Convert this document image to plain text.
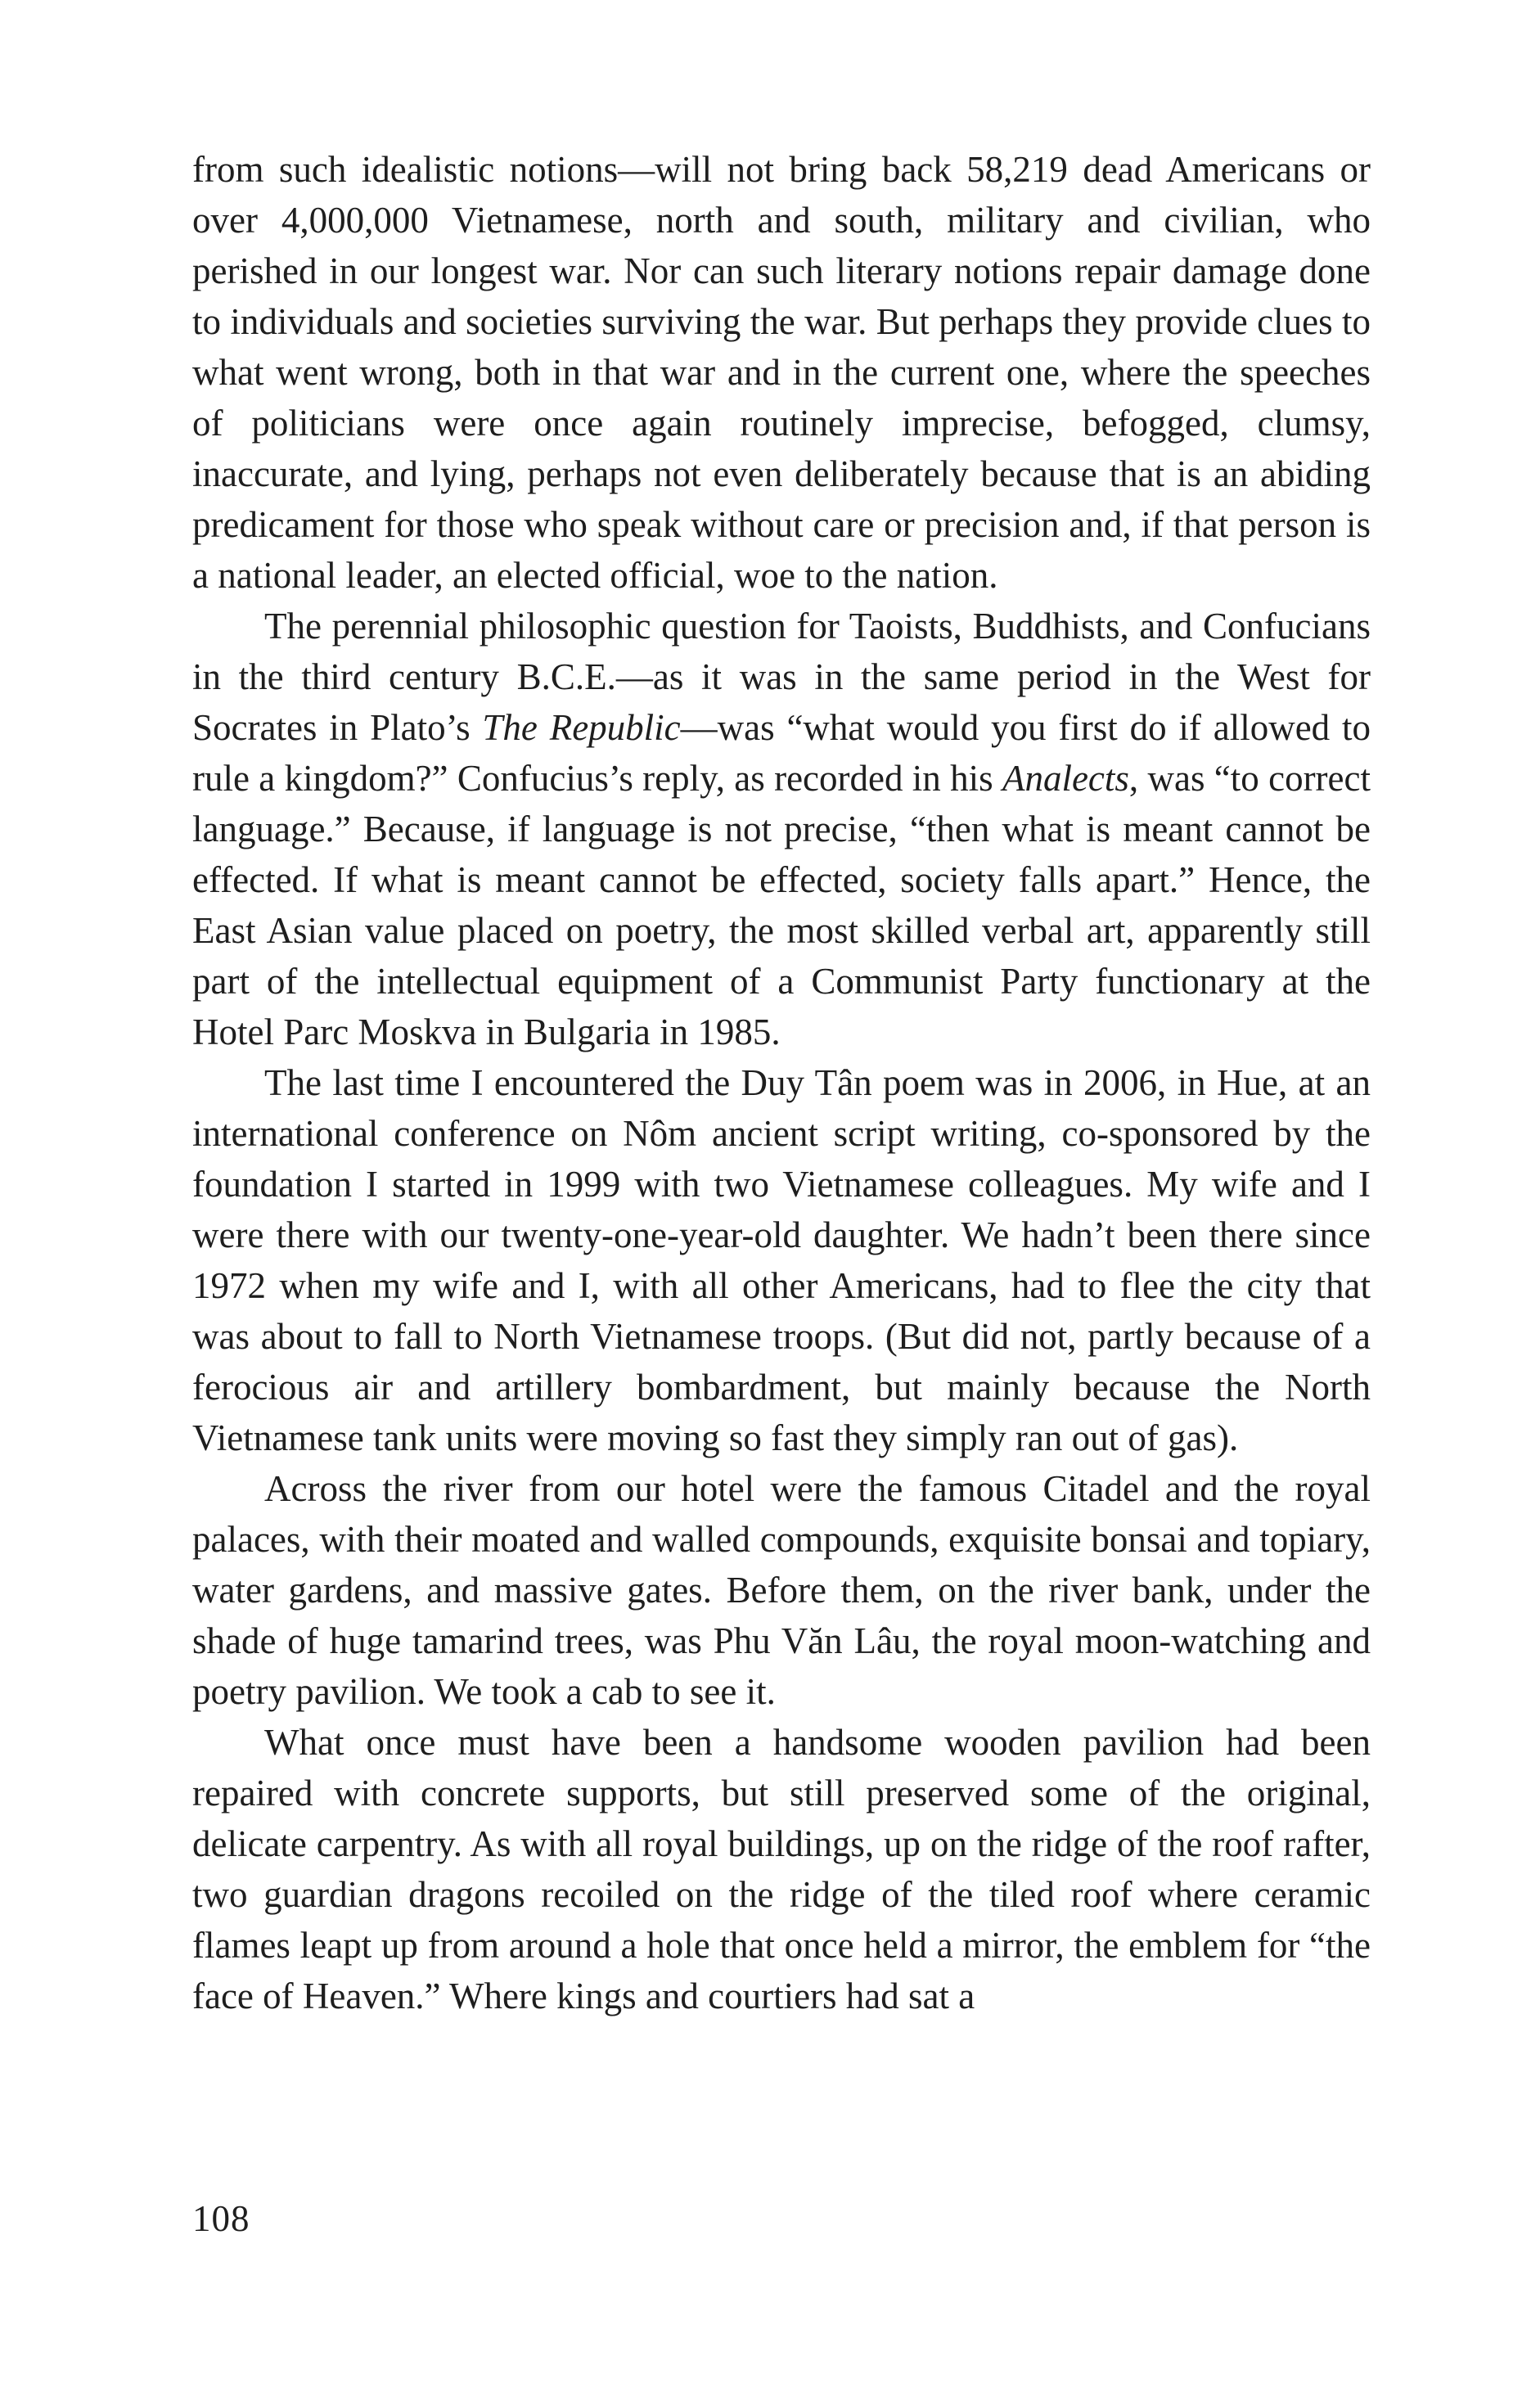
from such idealistic notions—will not bring back 58,219 dead Americans or over 4,000,000 Vietnamese, north and south, military and civilian, who perished in our longest war. Nor can such literary notions repair damage done to individuals and societies surviving the war. But perhaps they provide clues to what went wrong, both in that war and in the current one, where the speeches of politicians were once again routinely imprecise, befogged, clumsy, inaccurate, and lying, perhaps not even deliberately because that is an abiding predicament for those who speak without care or precision and, if that person is a national leader, an elected official, woe to the nation.

The perennial philosophic question for Taoists, Buddhists, and Confucians in the third century B.C.E.—as it was in the same period in the West for Socrates in Plato’s The Republic—was “what would you first do if allowed to rule a kingdom?” Confucius’s reply, as recorded in his Analects, was “to correct language.” Because, if language is not precise, “then what is meant cannot be effected. If what is meant cannot be effected, society falls apart.” Hence, the East Asian value placed on poetry, the most skilled verbal art, apparently still part of the intellectual equipment of a Communist Party functionary at the Hotel Parc Moskva in Bulgaria in 1985.

The last time I encountered the Duy Tân poem was in 2006, in Hue, at an international conference on Nôm ancient script writing, co-sponsored by the foundation I started in 1999 with two Vietnamese colleagues. My wife and I were there with our twenty-one-year-old daughter. We hadn’t been there since 1972 when my wife and I, with all other Americans, had to flee the city that was about to fall to North Vietnamese troops. (But did not, partly because of a ferocious air and artillery bombardment, but mainly because the North Vietnamese tank units were moving so fast they simply ran out of gas).

Across the river from our hotel were the famous Citadel and the royal palaces, with their moated and walled compounds, exquisite bonsai and topiary, water gardens, and massive gates. Before them, on the river bank, under the shade of huge tamarind trees, was Phu Văn Lâu, the royal moon-watching and poetry pavilion. We took a cab to see it.

What once must have been a handsome wooden pavilion had been repaired with concrete supports, but still preserved some of the original, delicate carpentry. As with all royal buildings, up on the ridge of the roof rafter, two guardian dragons recoiled on the ridge of the tiled roof where ceramic flames leapt up from around a hole that once held a mirror, the emblem for “the face of Heaven.” Where kings and courtiers had sat a

108
